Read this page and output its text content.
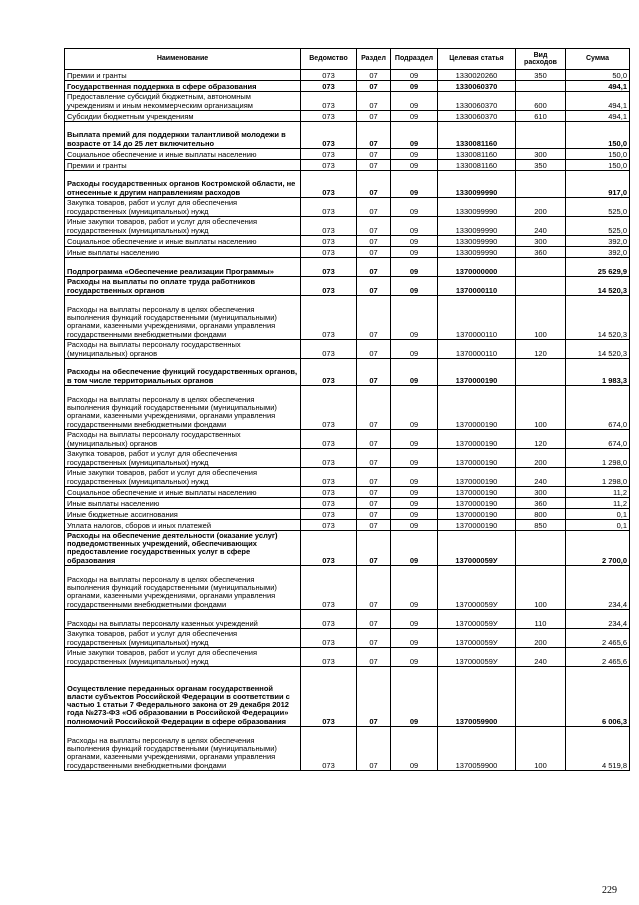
Наименование	Ведомство	Раздел	Подраздел	Целевая статья	Вид расходов	Сумма
Премии и гранты	073	07	09	1330020260	350	50,0
Государственная поддержка в сфере образования	073	07	09	1330060370		494,1
Предоставление субсидий бюджетным, автономным учреждениям и иным некоммерческим организациям	073	07	09	1330060370	600	494,1
Субсидии бюджетным учреждениям	073	07	09	1330060370	610	494,1
Выплата премий для поддержки талантливой молодежи в возрасте от 14 до 25 лет включительно	073	07	09	1330081160		150,0
Социальное обеспечение и иные выплаты населению	073	07	09	1330081160	300	150,0
Премии и гранты	073	07	09	1330081160	350	150,0
Расходы государственных органов Костромской области, не отнесенные к другим направлениям расходов	073	07	09	1330099990		917,0
Закупка товаров, работ и услуг для обеспечения государственных (муниципальных) нужд	073	07	09	1330099990	200	525,0
Иные закупки товаров, работ и услуг для обеспечения государственных (муниципальных) нужд	073	07	09	1330099990	240	525,0
Социальное обеспечение и иные выплаты населению	073	07	09	1330099990	300	392,0
Иные выплаты населению	073	07	09	1330099990	360	392,0
Подпрограмма «Обеспечение реализации Программы»	073	07	09	1370000000		25 629,9
Расходы на выплаты по оплате труда работников государственных органов	073	07	09	1370000110		14 520,3
Расходы на выплаты персоналу в целях обеспечения выполнения функций государственными (муниципальными) органами, казенными учреждениями, органами управления государственными внебюджетными фондами	073	07	09	1370000110	100	14 520,3
Расходы на выплаты персоналу государственных (муниципальных) органов	073	07	09	1370000110	120	14 520,3
Расходы на обеспечение функций государственных органов, в том числе территориальных органов	073	07	09	1370000190		1 983,3
Расходы на выплаты персоналу в целях обеспечения выполнения функций государственными (муниципальными) органами, казенными учреждениями, органами управления государственными внебюджетными фондами	073	07	09	1370000190	100	674,0
Расходы на выплаты персоналу государственных (муниципальных) органов	073	07	09	1370000190	120	674,0
Закупка товаров, работ и услуг для обеспечения государственных (муниципальных) нужд	073	07	09	1370000190	200	1 298,0
Иные закупки товаров, работ и услуг для обеспечения государственных (муниципальных) нужд	073	07	09	1370000190	240	1 298,0
Социальное обеспечение и иные выплаты населению	073	07	09	1370000190	300	11,2
Иные выплаты населению	073	07	09	1370000190	360	11,2
Иные бюджетные ассигнования	073	07	09	1370000190	800	0,1
Уплата налогов, сборов и иных платежей	073	07	09	1370000190	850	0,1
Расходы на обеспечение деятельности (оказание услуг) подведомственных учреждений, обеспечивающих предоставление государственных услуг в сфере образования	073	07	09	137000059У		2 700,0
Расходы на выплаты персоналу в целях обеспечения выполнения функций государственными (муниципальными) органами, казенными учреждениями, органами управления государственными внебюджетными фондами	073	07	09	137000059У	100	234,4
Расходы на выплаты персоналу казенных учреждений	073	07	09	137000059У	110	234,4
Закупка товаров, работ и услуг для обеспечения государственных (муниципальных) нужд	073	07	09	137000059У	200	2 465,6
Иные закупки товаров, работ и услуг для обеспечения государственных (муниципальных) нужд	073	07	09	137000059У	240	2 465,6
Осуществление переданных органам государственной власти субъектов Российской Федерации в соответствии с частью 1 статьи 7 Федерального закона от 29 декабря 2012 года №273-ФЗ «Об образовании в Российской Федерации» полномочий Российской Федерации в сфере образования	073	07	09	1370059900		6 006,3
Расходы на выплаты персоналу в целях обеспечения выполнения функций государственными (муниципальными) органами, казенными учреждениями, органами управления государственными внебюджетными фондами	073	07	09	1370059900	100	4 519,8
229
